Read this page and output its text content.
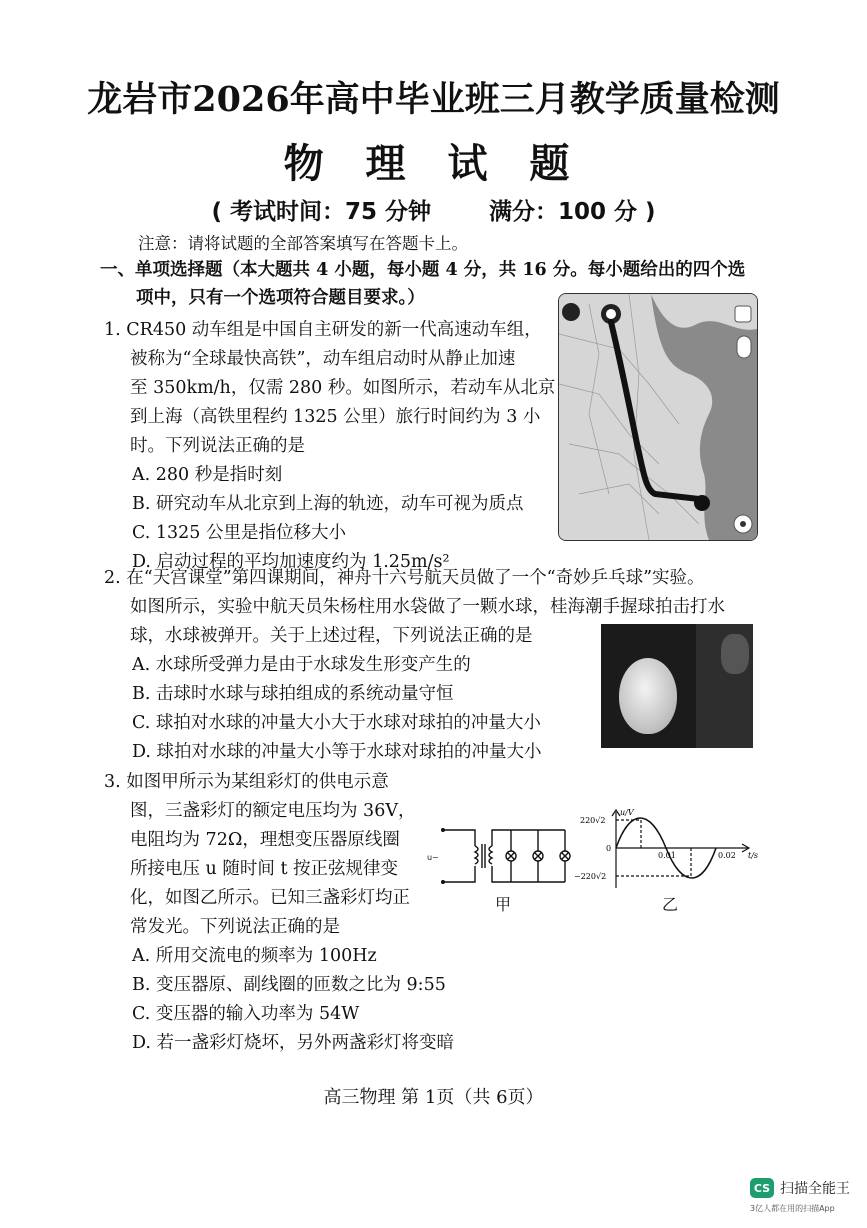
龙岩市2026年高中毕业班三月教学质量检测
物 理 试 题
( 考试时间：75 分钟	满分：100 分 )
注意：请将试题的全部答案填写在答题卡上。
一、单项选择题（本大题共 4 小题，每小题 4 分，共 16 分。每小题给出的四个选
项中，只有一个选项符合题目要求。）
1. CR450 动车组是中国自主研发的新一代高速动车组，
被称为“全球最快高铁”，动车组启动时从静止加速
至 350km/h，仅需 280 秒。如图所示，若动车从北京
到上海（高铁里程约 1325 公里）旅行时间约为 3 小
时。下列说法正确的是
A. 280 秒是指时刻
B. 研究动车从北京到上海的轨迹，动车可视为质点
C. 1325 公里是指位移大小
D. 启动过程的平均加速度约为 1.25m/s²
2. 在“天宫课堂”第四课期间，神舟十六号航天员做了一个“奇妙乒乓球”实验。
如图所示，实验中航天员朱杨柱用水袋做了一颗水球，桂海潮手握球拍击打水
球，水球被弹开。关于上述过程，下列说法正确的是
A. 水球所受弹力是由于水球发生形变产生的
B. 击球时水球与球拍组成的系统动量守恒
C. 球拍对水球的冲量大小大于水球对球拍的冲量大小
D. 球拍对水球的冲量大小等于水球对球拍的冲量大小
3. 如图甲所示为某组彩灯的供电示意
图，三盏彩灯的额定电压均为 36V，
电阻均为 72Ω，理想变压器原线圈
所接电压 u 随时间 t 按正弦规律变
化，如图乙所示。已知三盏彩灯均正
常发光。下列说法正确的是
A. 所用交流电的频率为 100Hz
B. 变压器原、副线圈的匝数之比为 9:55
C. 变压器的输入功率为 54W
D. 若一盏彩灯烧坏，另外两盏彩灯将变暗
u~
甲
u/V
t/s
220√2
−220√2
0
0.01	0.02
乙
高三物理 第 1页（共 6页）
CS 扫描全能王
3亿人都在用的扫描App
